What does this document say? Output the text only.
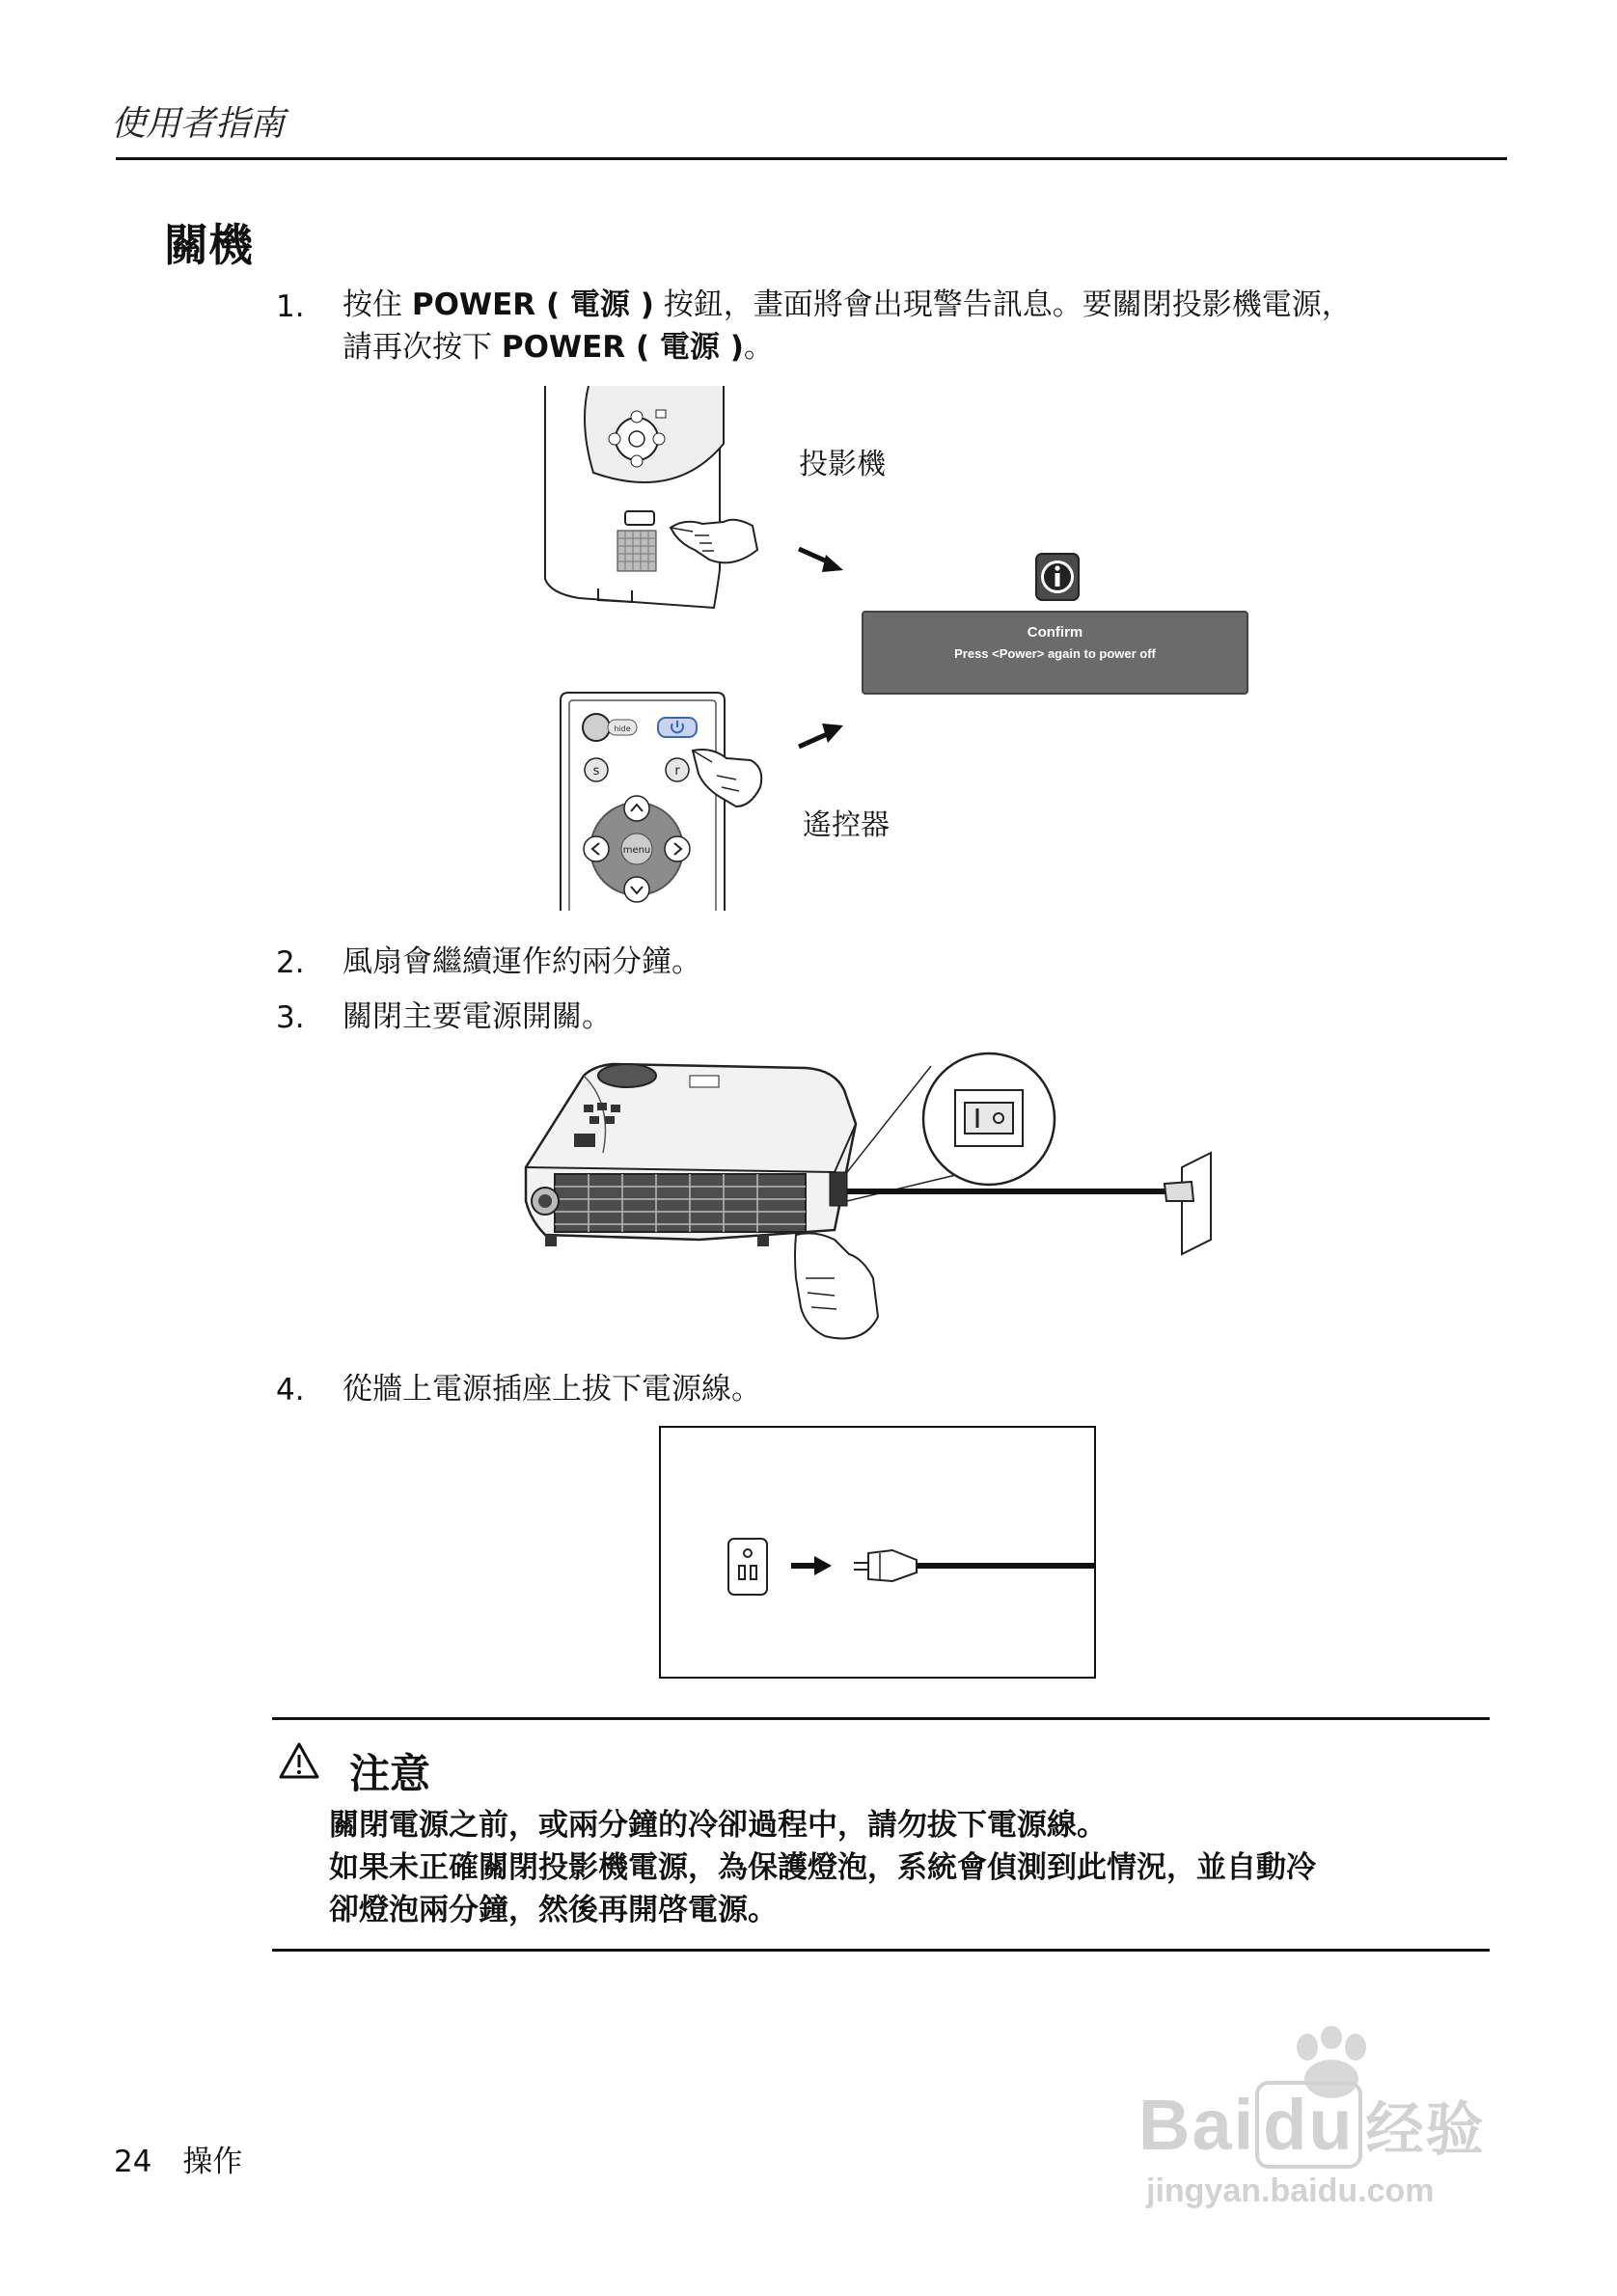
使用者指南
關機
1. 按住 POWER ( 電源 ) 按鈕，畫面將會出現警告訊息。要關閉投影機電源，
請再次按下 POWER ( 電源 )。
投影機
遙控器
Confirm
Press <Power> again to power off
hide
s	r
menu
2. 風扇會繼續運作約兩分鐘。
3. 關閉主要電源開關。
4. 從牆上電源插座上拔下電源線。
注意
關閉電源之前，或兩分鐘的冷卻過程中，請勿拔下電源線。
如果未正確關閉投影機電源，為保護燈泡，系統會偵測到此情況，並自動冷
卻燈泡兩分鐘，然後再開啓電源。
24 操作	Bai du 经验
jingyan.baidu.com
